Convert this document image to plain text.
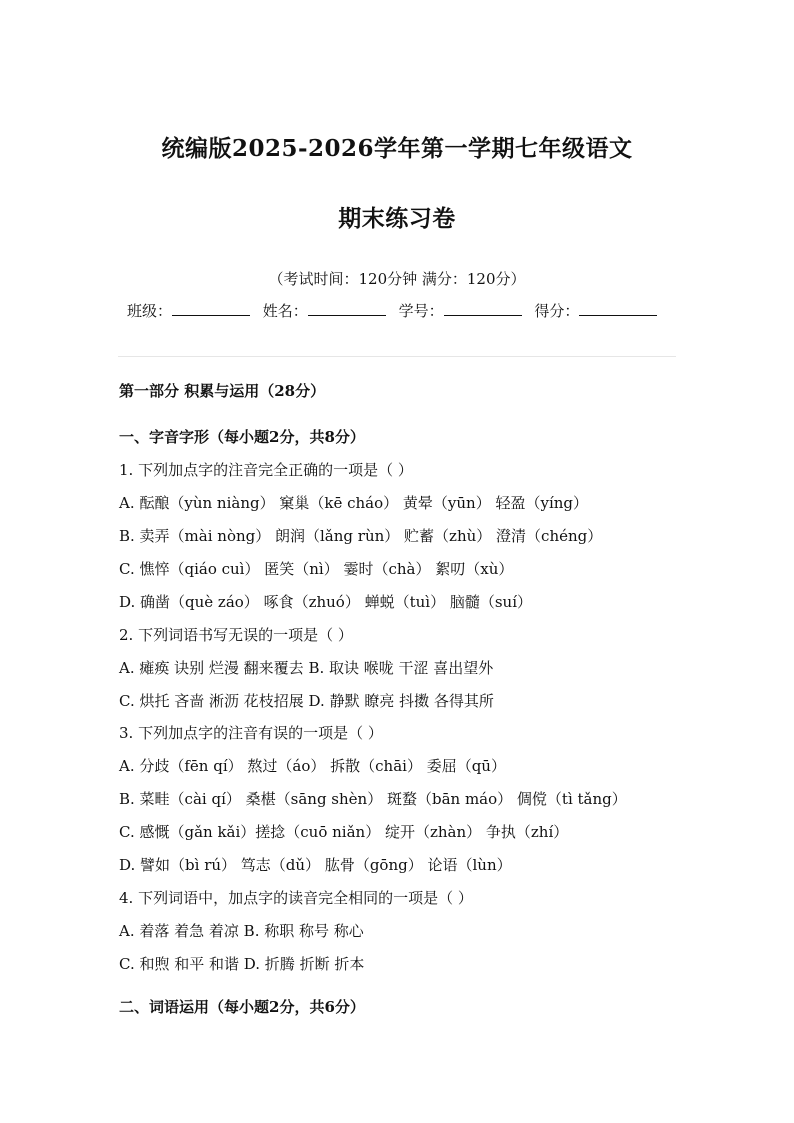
统编版2025-2026学年第一学期七年级语文
期末练习卷
（考试时间：120分钟 满分：120分）
班级：	姓名：	学号：	得分：
第一部分 积累与运用（28分）
一、字音字形（每小题2分，共8分）
1. 下列加点字的注音完全正确的一项是（ ）
A. 酝酿（yùn niàng） 窠巢（kē cháo） 黄晕（yūn） 轻盈（yíng）
B. 卖弄（mài nòng） 朗润（lǎng rùn） 贮蓄（zhù） 澄清（chéng）
C. 憔悴（qiáo cuì） 匿笑（nì） 霎时（chà） 絮叨（xù）
D. 确凿（què záo） 啄食（zhuó） 蝉蜕（tuì） 脑髓（suí）
2. 下列词语书写无误的一项是（ ）
A. 瘫痪 诀别 烂漫 翻来覆去 B. 取诀 喉咙 干涩 喜出望外
C. 烘托 吝啬 淅沥 花枝招展 D. 静默 瞭亮 抖擞 各得其所
3. 下列加点字的注音有误的一项是（ ）
A. 分歧（fēn qí） 熬过（áo） 拆散（chāi） 委屈（qū）
B. 菜畦（cài qí） 桑椹（sāng shèn） 斑蝥（bān máo） 倜傥（tì tǎng）
C. 感慨（gǎn kǎi）搓捻（cuō niǎn） 绽开（zhàn） 争执（zhí）
D. 譬如（bì rú） 笃志（dǔ） 肱骨（gōng） 论语（lùn）
4. 下列词语中，加点字的读音完全相同的一项是（ ）
A. 着落 着急 着凉 B. 称职 称号 称心
C. 和煦 和平 和谐 D. 折腾 折断 折本
二、词语运用（每小题2分，共6分）
